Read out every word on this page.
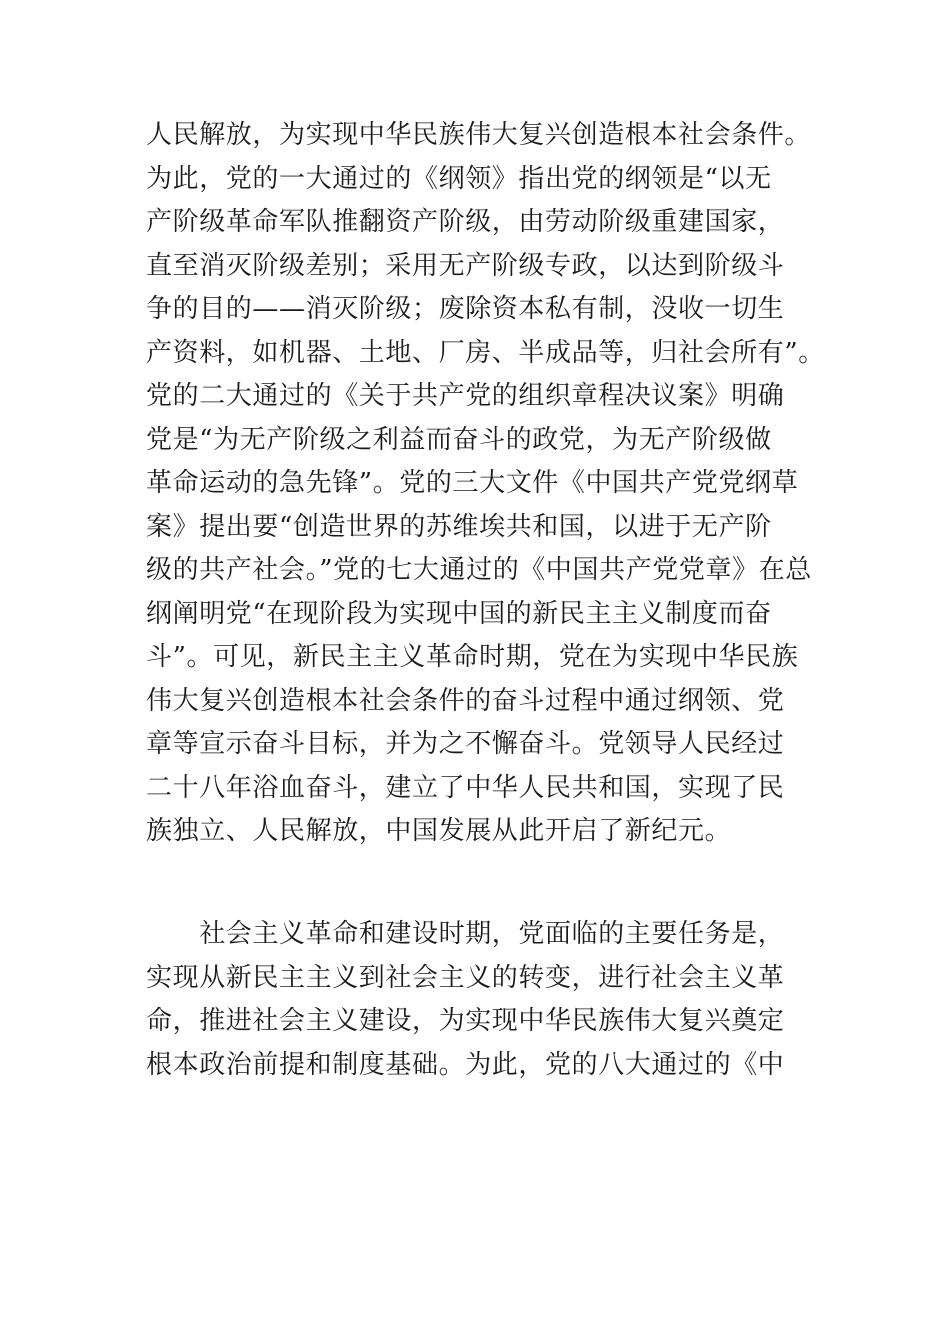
人民解放，为实现中华民族伟大复兴创造根本社会条件。
为此，党的一大通过的《纲领》指出党的纲领是“以无
产阶级革命军队推翻资产阶级，由劳动阶级重建国家，
直至消灭阶级差别；采用无产阶级专政，以达到阶级斗
争的目的——消灭阶级；废除资本私有制，没收一切生
产资料，如机器、土地、厂房、半成品等，归社会所有”。
党的二大通过的《关于共产党的组织章程决议案》明确
党是“为无产阶级之利益而奋斗的政党，为无产阶级做
革命运动的急先锋”。党的三大文件《中国共产党党纲草
案》提出要“创造世界的苏维埃共和国，以进于无产阶
级的共产社会。”党的七大通过的《中国共产党党章》在总
纲阐明党“在现阶段为实现中国的新民主主义制度而奋
斗”。可见，新民主主义革命时期，党在为实现中华民族
伟大复兴创造根本社会条件的奋斗过程中通过纲领、党
章等宣示奋斗目标，并为之不懈奋斗。党领导人民经过
二十八年浴血奋斗，建立了中华人民共和国，实现了民
族独立、人民解放，中国发展从此开启了新纪元。
　　社会主义革命和建设时期，党面临的主要任务是，
实现从新民主主义到社会主义的转变，进行社会主义革
命，推进社会主义建设，为实现中华民族伟大复兴奠定
根本政治前提和制度基础。为此，党的八大通过的《中
